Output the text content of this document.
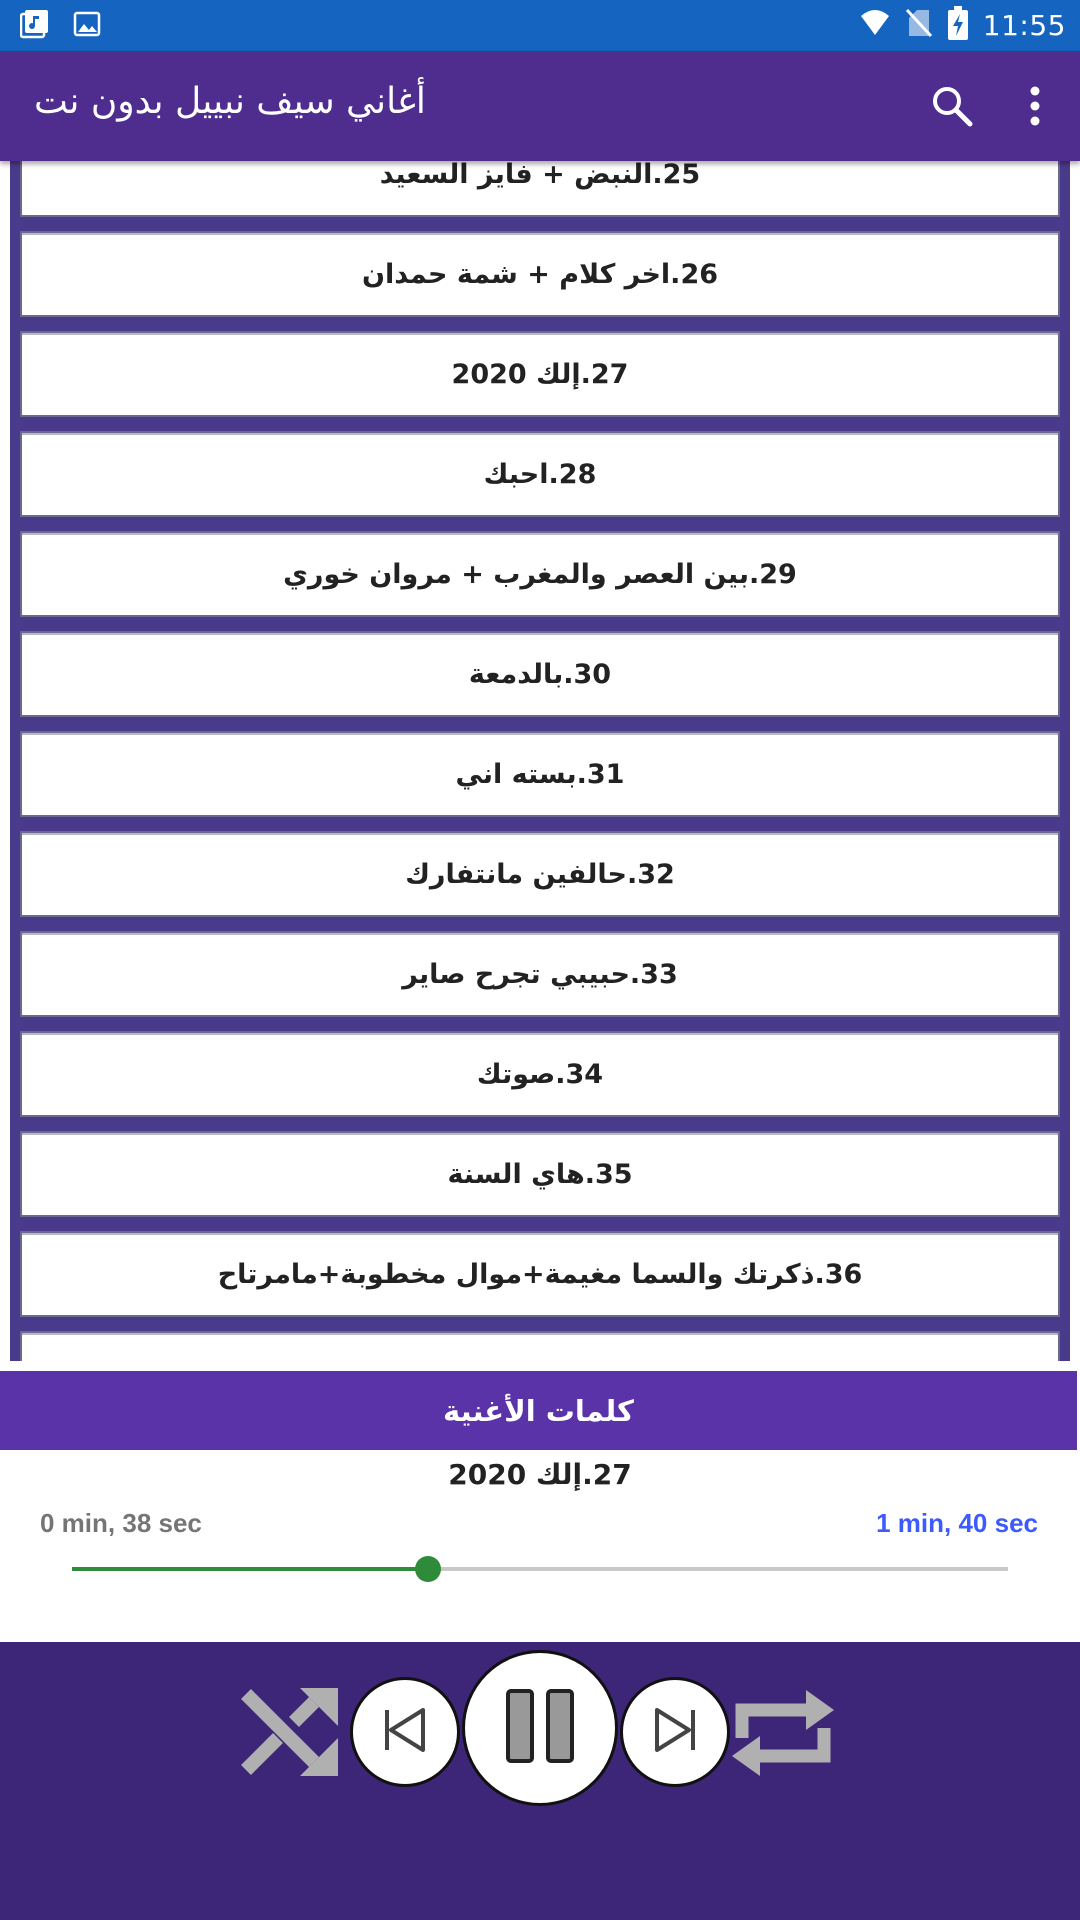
11:55
أغاني سيف نبييل بدون نت
25.النبض + فايز السعيد
26.اخر كلام + شمة حمدان
27.إلك 2020
28.احبك
29.بين العصر والمغرب + مروان خوري
30.بالدمعة
31.بسته اني
32.حالفين مانتفارك
33.حبيبي تجرح صاير
34.صوتك
35.هاي السنة
36.ذكرتك والسما مغيمة+موال مخطوبة+مامرتاح
كلمات الأغنية
27.إلك 2020
0 min, 38 sec	1 min, 40 sec
